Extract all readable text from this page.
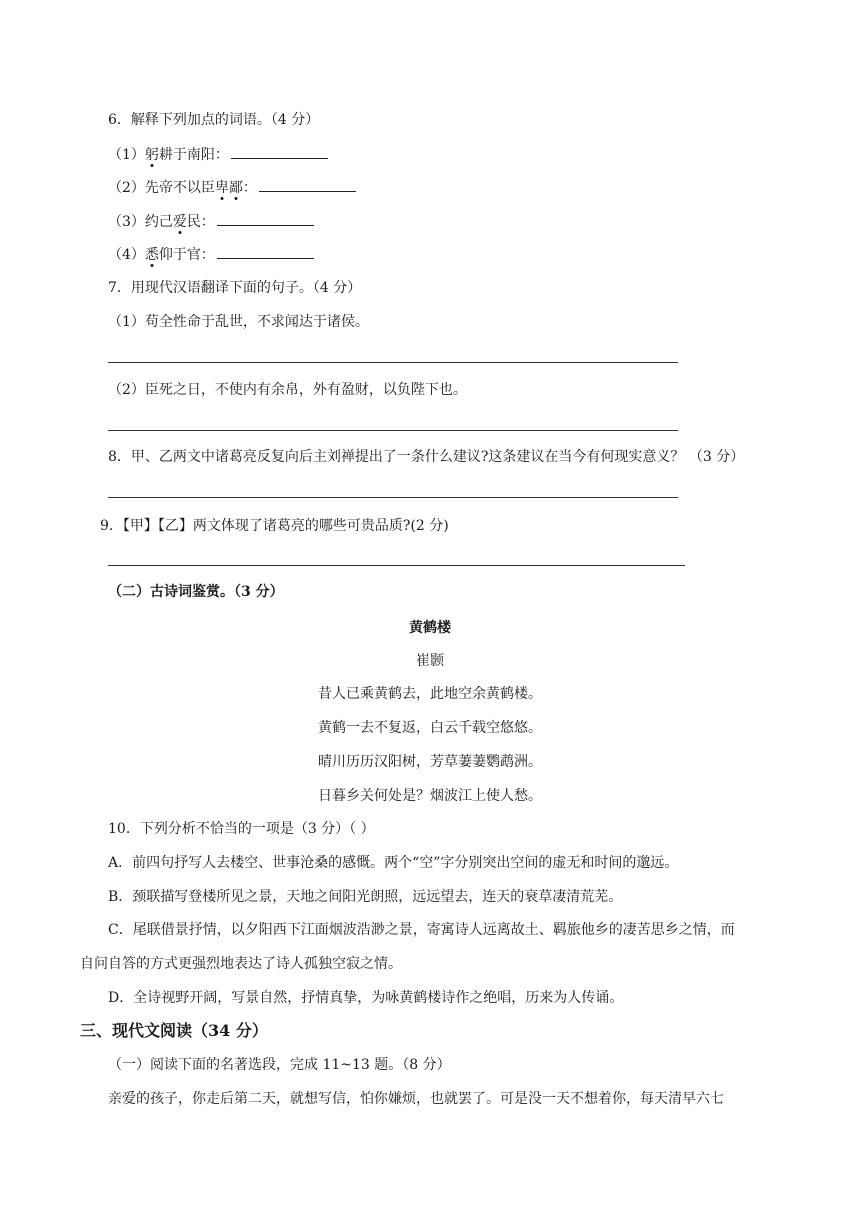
6．解释下列加点的词语。（4 分）
（1）躬耕于南阳：
（2）先帝不以臣卑鄙：
（3）约己爱民：
（4）悉仰于官：
7．用现代汉语翻译下面的句子。（4 分）
（1）苟全性命于乱世，不求闻达于诸侯。
（2）臣死之日，不使内有余帛，外有盈财，以负陛下也。
8．甲、乙两文中诸葛亮反复向后主刘禅提出了一条什么建议?这条建议在当今有何现实意义？ （3 分）
9．【甲】【乙】两文体现了诸葛亮的哪些可贵品质?(2 分)
（二）古诗词鉴赏。（3 分）
黄鹤楼
崔颢
昔人已乘黄鹤去，此地空余黄鹤楼。
黄鹤一去不复返，白云千载空悠悠。
晴川历历汉阳树，芳草萋萋鹦鹉洲。
日暮乡关何处是？烟波江上使人愁。
10．下列分析不恰当的一项是（3 分）（ ）
A．前四句抒写人去楼空、世事沧桑的感慨。两个“空”字分别突出空间的虚无和时间的邈远。
B．颈联描写登楼所见之景，天地之间阳光朗照，远远望去，连天的衰草凄清荒芜。
C．尾联借景抒情，以夕阳西下江面烟波浩渺之景，寄寓诗人远离故土、羁旅他乡的凄苦思乡之情，而
自问自答的方式更强烈地表达了诗人孤独空寂之情。
D．全诗视野开阔，写景自然，抒情真挚，为咏黄鹤楼诗作之绝唱，历来为人传诵。
三、现代文阅读（34 分）
（一）阅读下面的名著选段，完成 11~13 题。（8 分）
亲爱的孩子，你走后第二天，就想写信，怕你嫌烦，也就罢了。可是没一天不想着你，每天清早六七
